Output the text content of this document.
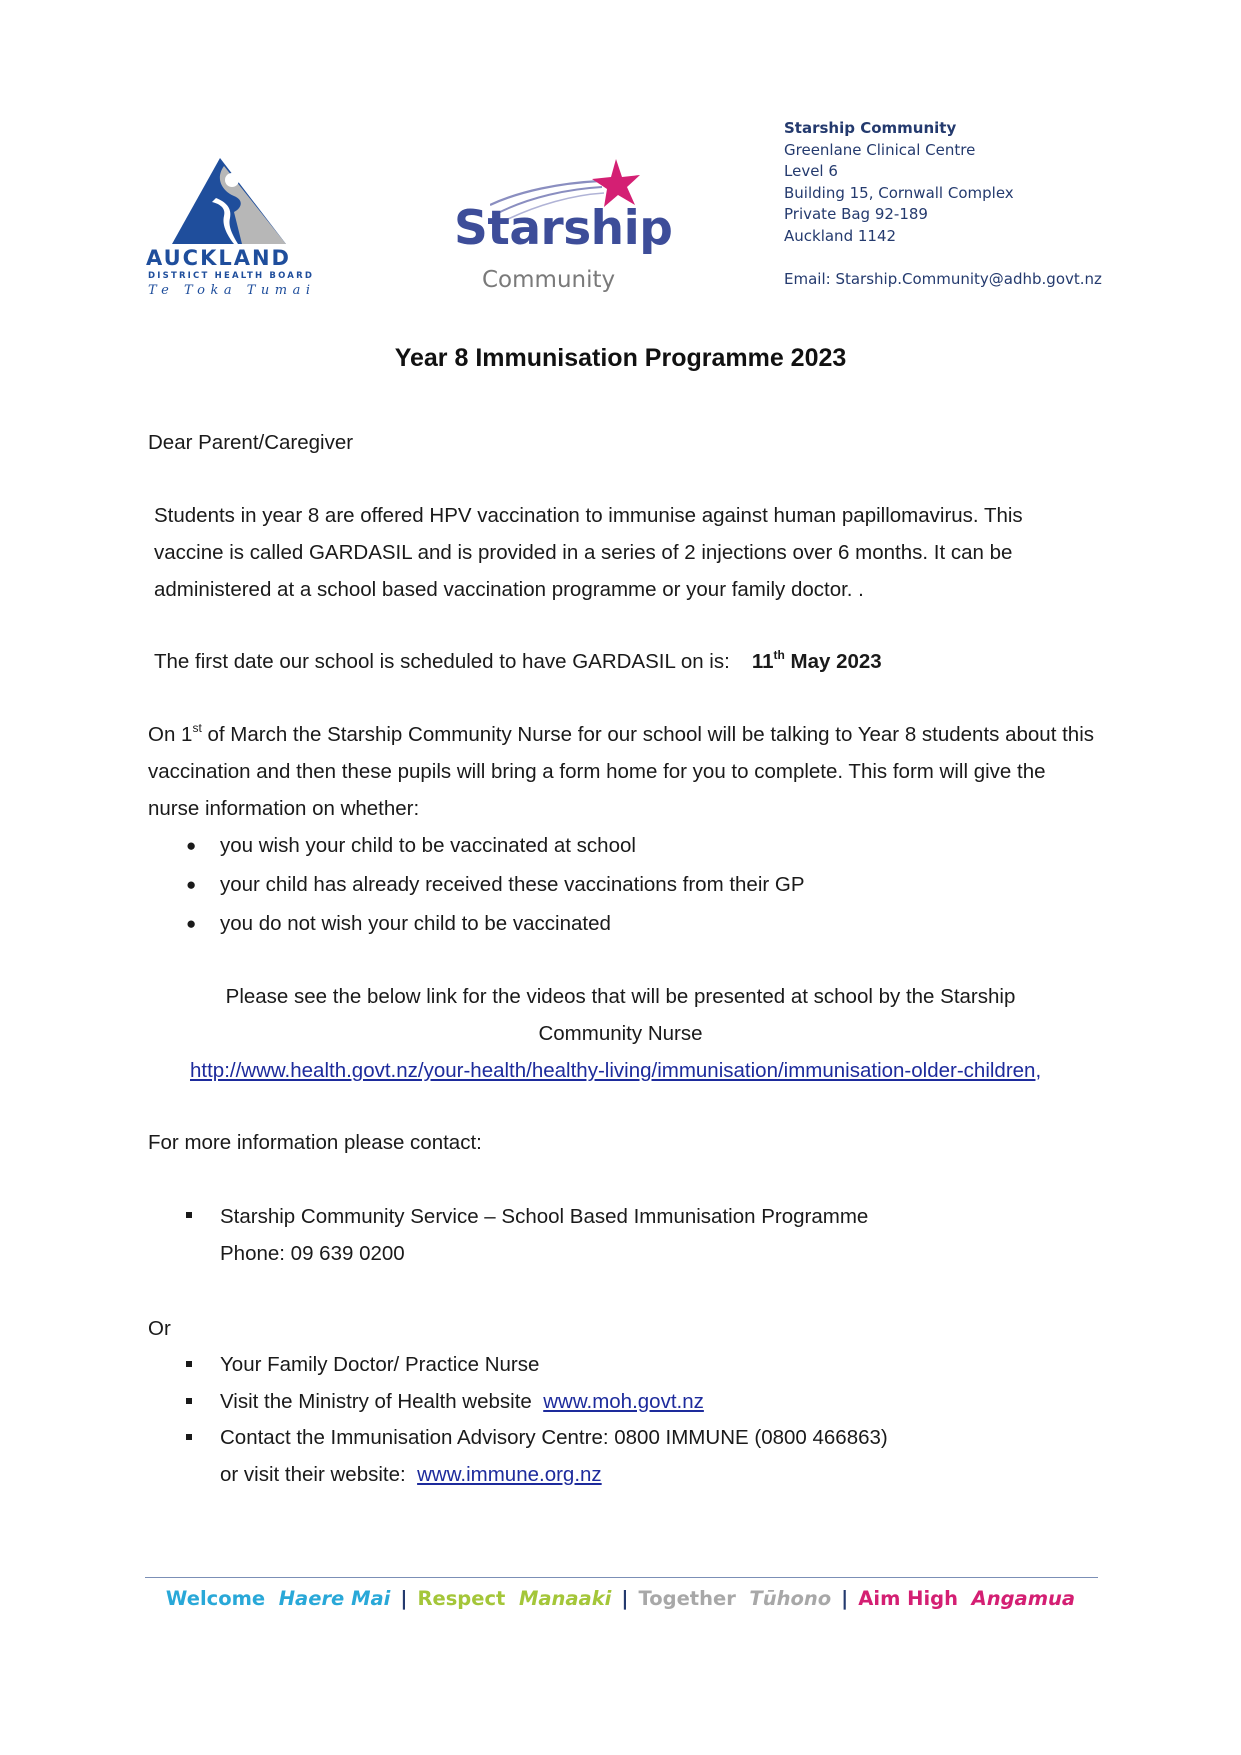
AUCKLAND
DISTRICT HEALTH BOARD
Te Toka Tumai
Starship
Community
Starship Community
Greenlane Clinical Centre
Level 6
Building 15, Cornwall Complex
Private Bag 92-189
Auckland 1142
Email: Starship.Community@adhb.govt.nz
Year 8 Immunisation Programme 2023
Dear Parent/Caregiver
Students in year 8 are offered HPV vaccination to immunise against human papillomavirus. This vaccine is called GARDASIL and is provided in a series of 2 injections over 6 months. It can be administered at a school based vaccination programme or your family doctor. .
The first date our school is scheduled to have GARDASIL on is: 11th May 2023
On 1st of March the Starship Community Nurse for our school will be talking to Year 8 students about this vaccination and then these pupils will bring a form home for you to complete. This form will give the nurse information on whether:
● you wish your child to be vaccinated at school
● your child has already received these vaccinations from their GP
● you do not wish your child to be vaccinated
Please see the below link for the videos that will be presented at school by the Starship
Community Nurse
http://www.health.govt.nz/your-health/healthy-living/immunisation/immunisation-older-children,
For more information please contact:
Starship Community Service – School Based Immunisation Programme
Phone: 09 639 0200
Or
Your Family Doctor/ Practice Nurse
Visit the Ministry of Health website www.moh.govt.nz
Contact the Immunisation Advisory Centre: 0800 IMMUNE (0800 466863)
or visit their website: www.immune.org.nz
Welcome Haere Mai | Respect Manaaki | Together Tūhono | Aim High Angamua
